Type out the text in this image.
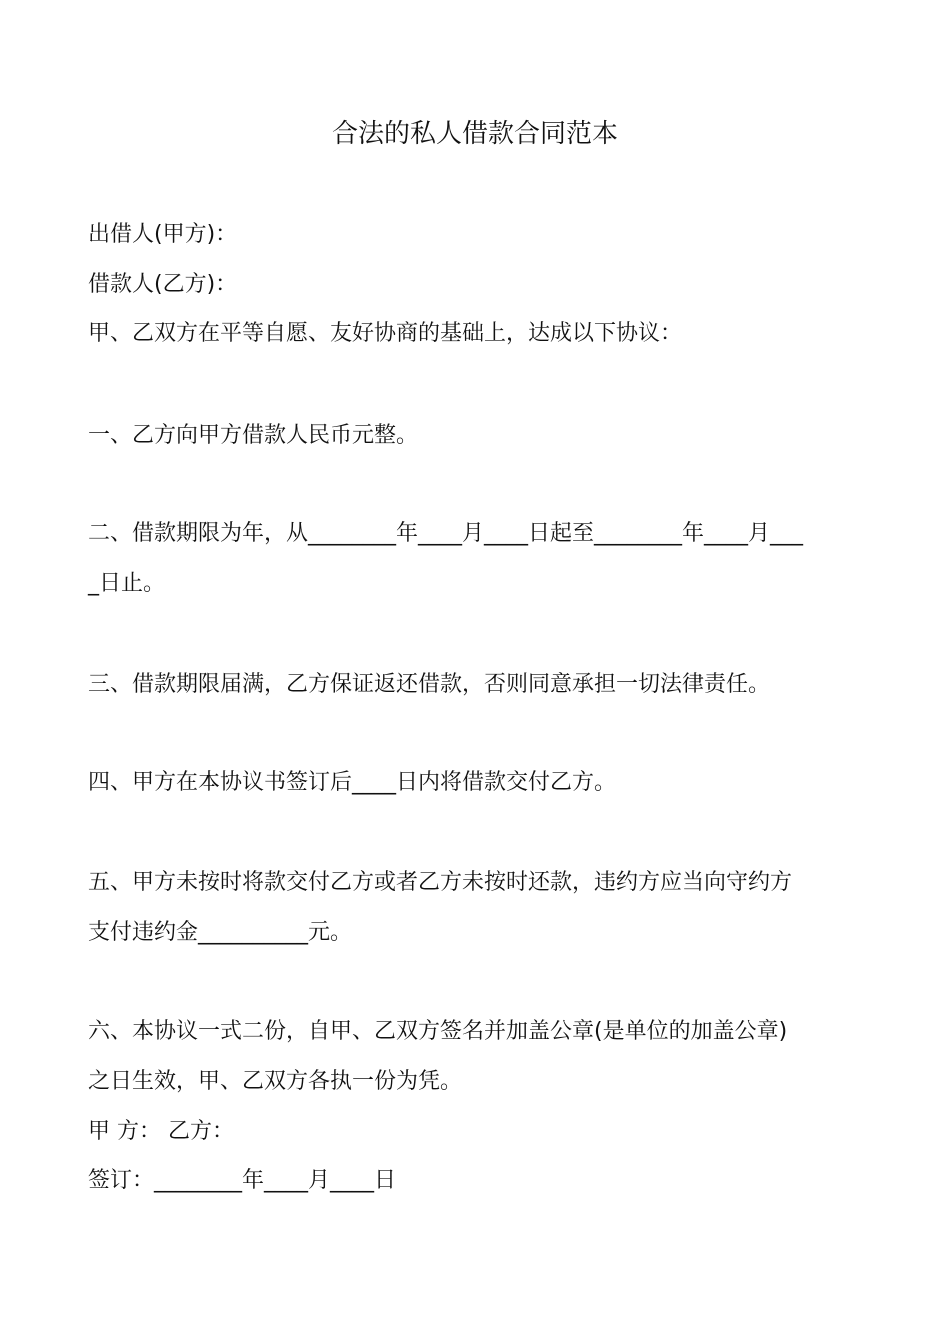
合法的私人借款合同范本
出借人(甲方)：
借款人(乙方)：
甲、乙双方在平等自愿、友好协商的基础上，达成以下协议：
一、乙方向甲方借款人民币元整。
二、借款期限为年，从________年____月____日起至________年____月___
_日止。
三、借款期限届满，乙方保证返还借款，否则同意承担一切法律责任。
四、甲方在本协议书签订后____日内将借款交付乙方。
五、甲方未按时将款交付乙方或者乙方未按时还款，违约方应当向守约方
支付违约金__________元。
六、本协议一式二份，自甲、乙双方签名并加盖公章(是单位的加盖公章)
之日生效，甲、乙双方各执一份为凭。
甲 方： 乙方：
签订：________年____月____日
